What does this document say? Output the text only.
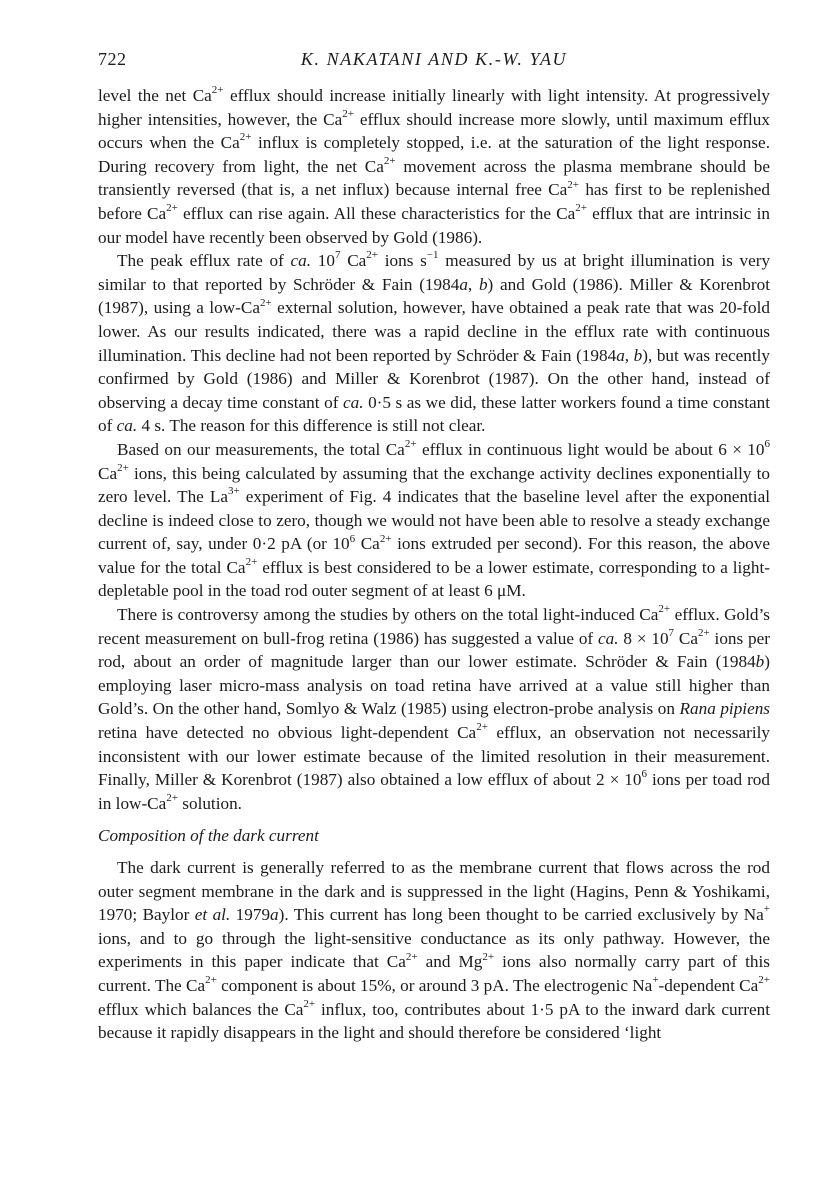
722	K. NAKATANI AND K.-W. YAU

level the net $Ca^{2+}$ efflux should increase initially linearly with light intensity. At progressively higher intensities, however, the $Ca^{2+}$ efflux should increase more slowly, until maximum efflux occurs when the $Ca^{2+}$ influx is completely stopped, i.e. at the saturation of the light response. During recovery from light, the net $Ca^{2+}$ movement across the plasma membrane should be transiently reversed (that is, a net influx) because internal free $Ca^{2+}$ has first to be replenished before $Ca^{2+}$ efflux can rise again. All these characteristics for the $Ca^{2+}$ efflux that are intrinsic in our model have recently been observed by Gold (1986).

The peak efflux rate of ca. $10^7$ $Ca^{2+}$ ions $s^{-1}$ measured by us at bright illumination is very similar to that reported by Schröder & Fain (1984a, b) and Gold (1986). Miller & Korenbrot (1987), using a low-$Ca^{2+}$ external solution, however, have obtained a peak rate that was 20-fold lower. As our results indicated, there was a rapid decline in the efflux rate with continuous illumination. This decline had not been reported by Schröder & Fain (1984a, b), but was recently confirmed by Gold (1986) and Miller & Korenbrot (1987). On the other hand, instead of observing a decay time constant of ca. 0·5 s as we did, these latter workers found a time constant of ca. 4 s. The reason for this difference is still not clear.

Based on our measurements, the total $Ca^{2+}$ efflux in continuous light would be about $6 \times 10^6$ $Ca^{2+}$ ions, this being calculated by assuming that the exchange activity declines exponentially to zero level. The $La^{3+}$ experiment of Fig. 4 indicates that the baseline level after the exponential decline is indeed close to zero, though we would not have been able to resolve a steady exchange current of, say, under 0·2 pA (or $10^6$ $Ca^{2+}$ ions extruded per second). For this reason, the above value for the total $Ca^{2+}$ efflux is best considered to be a lower estimate, corresponding to a light-depletable pool in the toad rod outer segment of at least 6 μM.

There is controversy among the studies by others on the total light-induced $Ca^{2+}$ efflux. Gold’s recent measurement on bull-frog retina (1986) has suggested a value of ca. $8 \times 10^7$ $Ca^{2+}$ ions per rod, about an order of magnitude larger than our lower estimate. Schröder & Fain (1984b) employing laser micro-mass analysis on toad retina have arrived at a value still higher than Gold’s. On the other hand, Somlyo & Walz (1985) using electron-probe analysis on Rana pipiens retina have detected no obvious light-dependent $Ca^{2+}$ efflux, an observation not necessarily inconsistent with our lower estimate because of the limited resolution in their measurement. Finally, Miller & Korenbrot (1987) also obtained a low efflux of about $2 \times 10^6$ ions per toad rod in low-$Ca^{2+}$ solution.

Composition of the dark current

The dark current is generally referred to as the membrane current that flows across the rod outer segment membrane in the dark and is suppressed in the light (Hagins, Penn & Yoshikami, 1970; Baylor et al. 1979a). This current has long been thought to be carried exclusively by Na+ ions, and to go through the light-sensitive conductance as its only pathway. However, the experiments in this paper indicate that $Ca^{2+}$ and $Mg^{2+}$ ions also normally carry part of this current. The $Ca^{2+}$ component is about 15%, or around 3 pA. The electrogenic Na+-dependent $Ca^{2+}$ efflux which balances the $Ca^{2+}$ influx, too, contributes about 1·5 pA to the inward dark current because it rapidly disappears in the light and should therefore be considered ‘light
